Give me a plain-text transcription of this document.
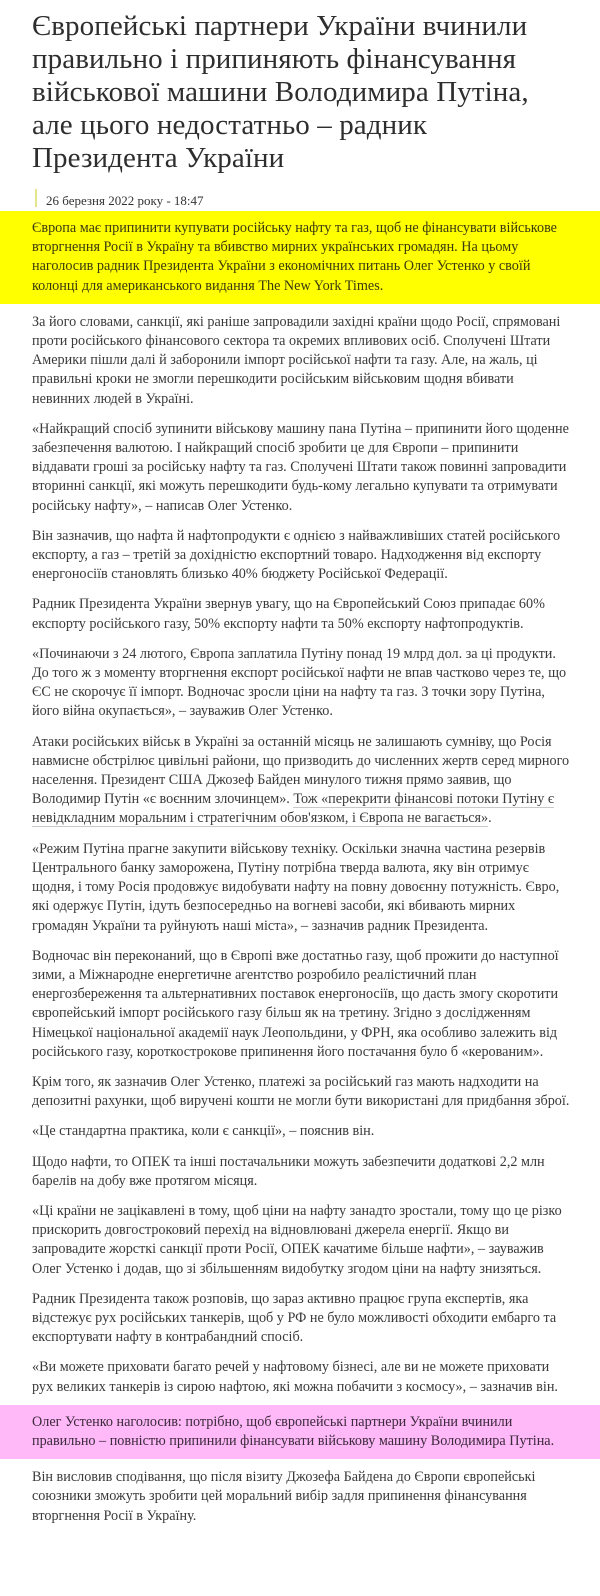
Європейські партнери України вчинили правильно і припиняють фінансування військової машини Володимира Путіна, але цього недостатньо – радник Президента України
26 березня 2022 року - 18:47

Європа має припинити купувати російську нафту та газ, щоб не фінансувати військове вторгнення Росії в Україну та вбивство мирних українських громадян. На цьому наголосив радник Президента України з економічних питань Олег Устенко у своїй колонці для американського видання The New York Times.

За його словами, санкції, які раніше запровадили західні країни щодо Росії, спрямовані проти російського фінансового сектора та окремих впливових осіб. Сполучені Штати Америки пішли далі й заборонили імпорт російської нафти та газу. Але, на жаль, ці правильні кроки не змогли перешкодити російським військовим щодня вбивати невинних людей в Україні.

«Найкращий спосіб зупинити військову машину пана Путіна – припинити його щоденне забезпечення валютою. І найкращий спосіб зробити це для Європи – припинити віддавати гроші за російську нафту та газ. Сполучені Штати також повинні запровадити вторинні санкції, які можуть перешкодити будь-кому легально купувати та отримувати російську нафту», – написав Олег Устенко.

Він зазначив, що нафта й нафтопродукти є однією з найважливіших статей російського експорту, а газ – третій за дохідністю експортний товаро. Надходження від експорту енергоносіїв становлять близько 40% бюджету Російської Федерації.

Радник Президента України звернув увагу, що на Європейський Союз припадає 60% експорту російського газу, 50% експорту нафти та 50% експорту нафтопродуктів.

«Починаючи з 24 лютого, Європа заплатила Путіну понад 19 млрд дол. за ці продукти. До того ж з моменту вторгнення експорт російської нафти не впав частково через те, що ЄС не скорочує її імпорт. Водночас зросли ціни на нафту та газ. З точки зору Путіна, його війна окупається», – зауважив Олег Устенко.

Атаки російських військ в Україні за останній місяць не залишають сумніву, що Росія навмисне обстрілює цивільні райони, що призводить до численних жертв серед мирного населення. Президент США Джозеф Байден минулого тижня прямо заявив, що Володимир Путін «є воєнним злочинцем». Тож «перекрити фінансові потоки Путіну є невідкладним моральним і стратегічним обов'язком, і Європа не вагається».

«Режим Путіна прагне закупити військову техніку. Оскільки значна частина резервів Центрального банку заморожена, Путіну потрібна тверда валюта, яку він отримує щодня, і тому Росія продовжує видобувати нафту на повну довоєнну потужність. Євро, які одержує Путін, ідуть безпосередньо на вогневі засоби, які вбивають мирних громадян України та руйнують наші міста», – зазначив радник Президента.

Водночас він переконаний, що в Європі вже достатньо газу, щоб прожити до наступної зими, а Міжнародне енергетичне агентство розробило реалістичний план енергозбереження та альтернативних поставок енергоносіїв, що дасть змогу скоротити європейський імпорт російського газу більш як на третину. Згідно з дослідженням Німецької національної академії наук Леопольдини, у ФРН, яка особливо залежить від російського газу, короткострокове припинення його постачання було б «керованим».

Крім того, як зазначив Олег Устенко, платежі за російський газ мають надходити на депозитні рахунки, щоб виручені кошти не могли бути використані для придбання зброї.

«Це стандартна практика, коли є санкції», – пояснив він.

Щодо нафти, то ОПЕК та інші постачальники можуть забезпечити додаткові 2,2 млн барелів на добу вже протягом місяця.

«Ці країни не зацікавлені в тому, щоб ціни на нафту занадто зростали, тому що це різко прискорить довгостроковий перехід на відновлювані джерела енергії. Якщо ви запровадите жорсткі санкції проти Росії, ОПЕК качатиме більше нафти», – зауважив Олег Устенко і додав, що зі збільшенням видобутку згодом ціни на нафту знизяться.

Радник Президента також розповів, що зараз активно працює група експертів, яка відстежує рух російських танкерів, щоб у РФ не було можливості обходити ембарго та експортувати нафту в контрабандний спосіб.

«Ви можете приховати багато речей у нафтовому бізнесі, але ви не можете приховати рух великих танкерів із сирою нафтою, які можна побачити з космосу», – зазначив він.

Олег Устенко наголосив: потрібно, щоб європейські партнери України вчинили правильно – повністю припинили фінансувати військову машину Володимира Путіна.

Він висловив сподівання, що після візиту Джозефа Байдена до Європи європейські союзники зможуть зробити цей моральний вибір задля припинення фінансування вторгнення Росії в Україну.
